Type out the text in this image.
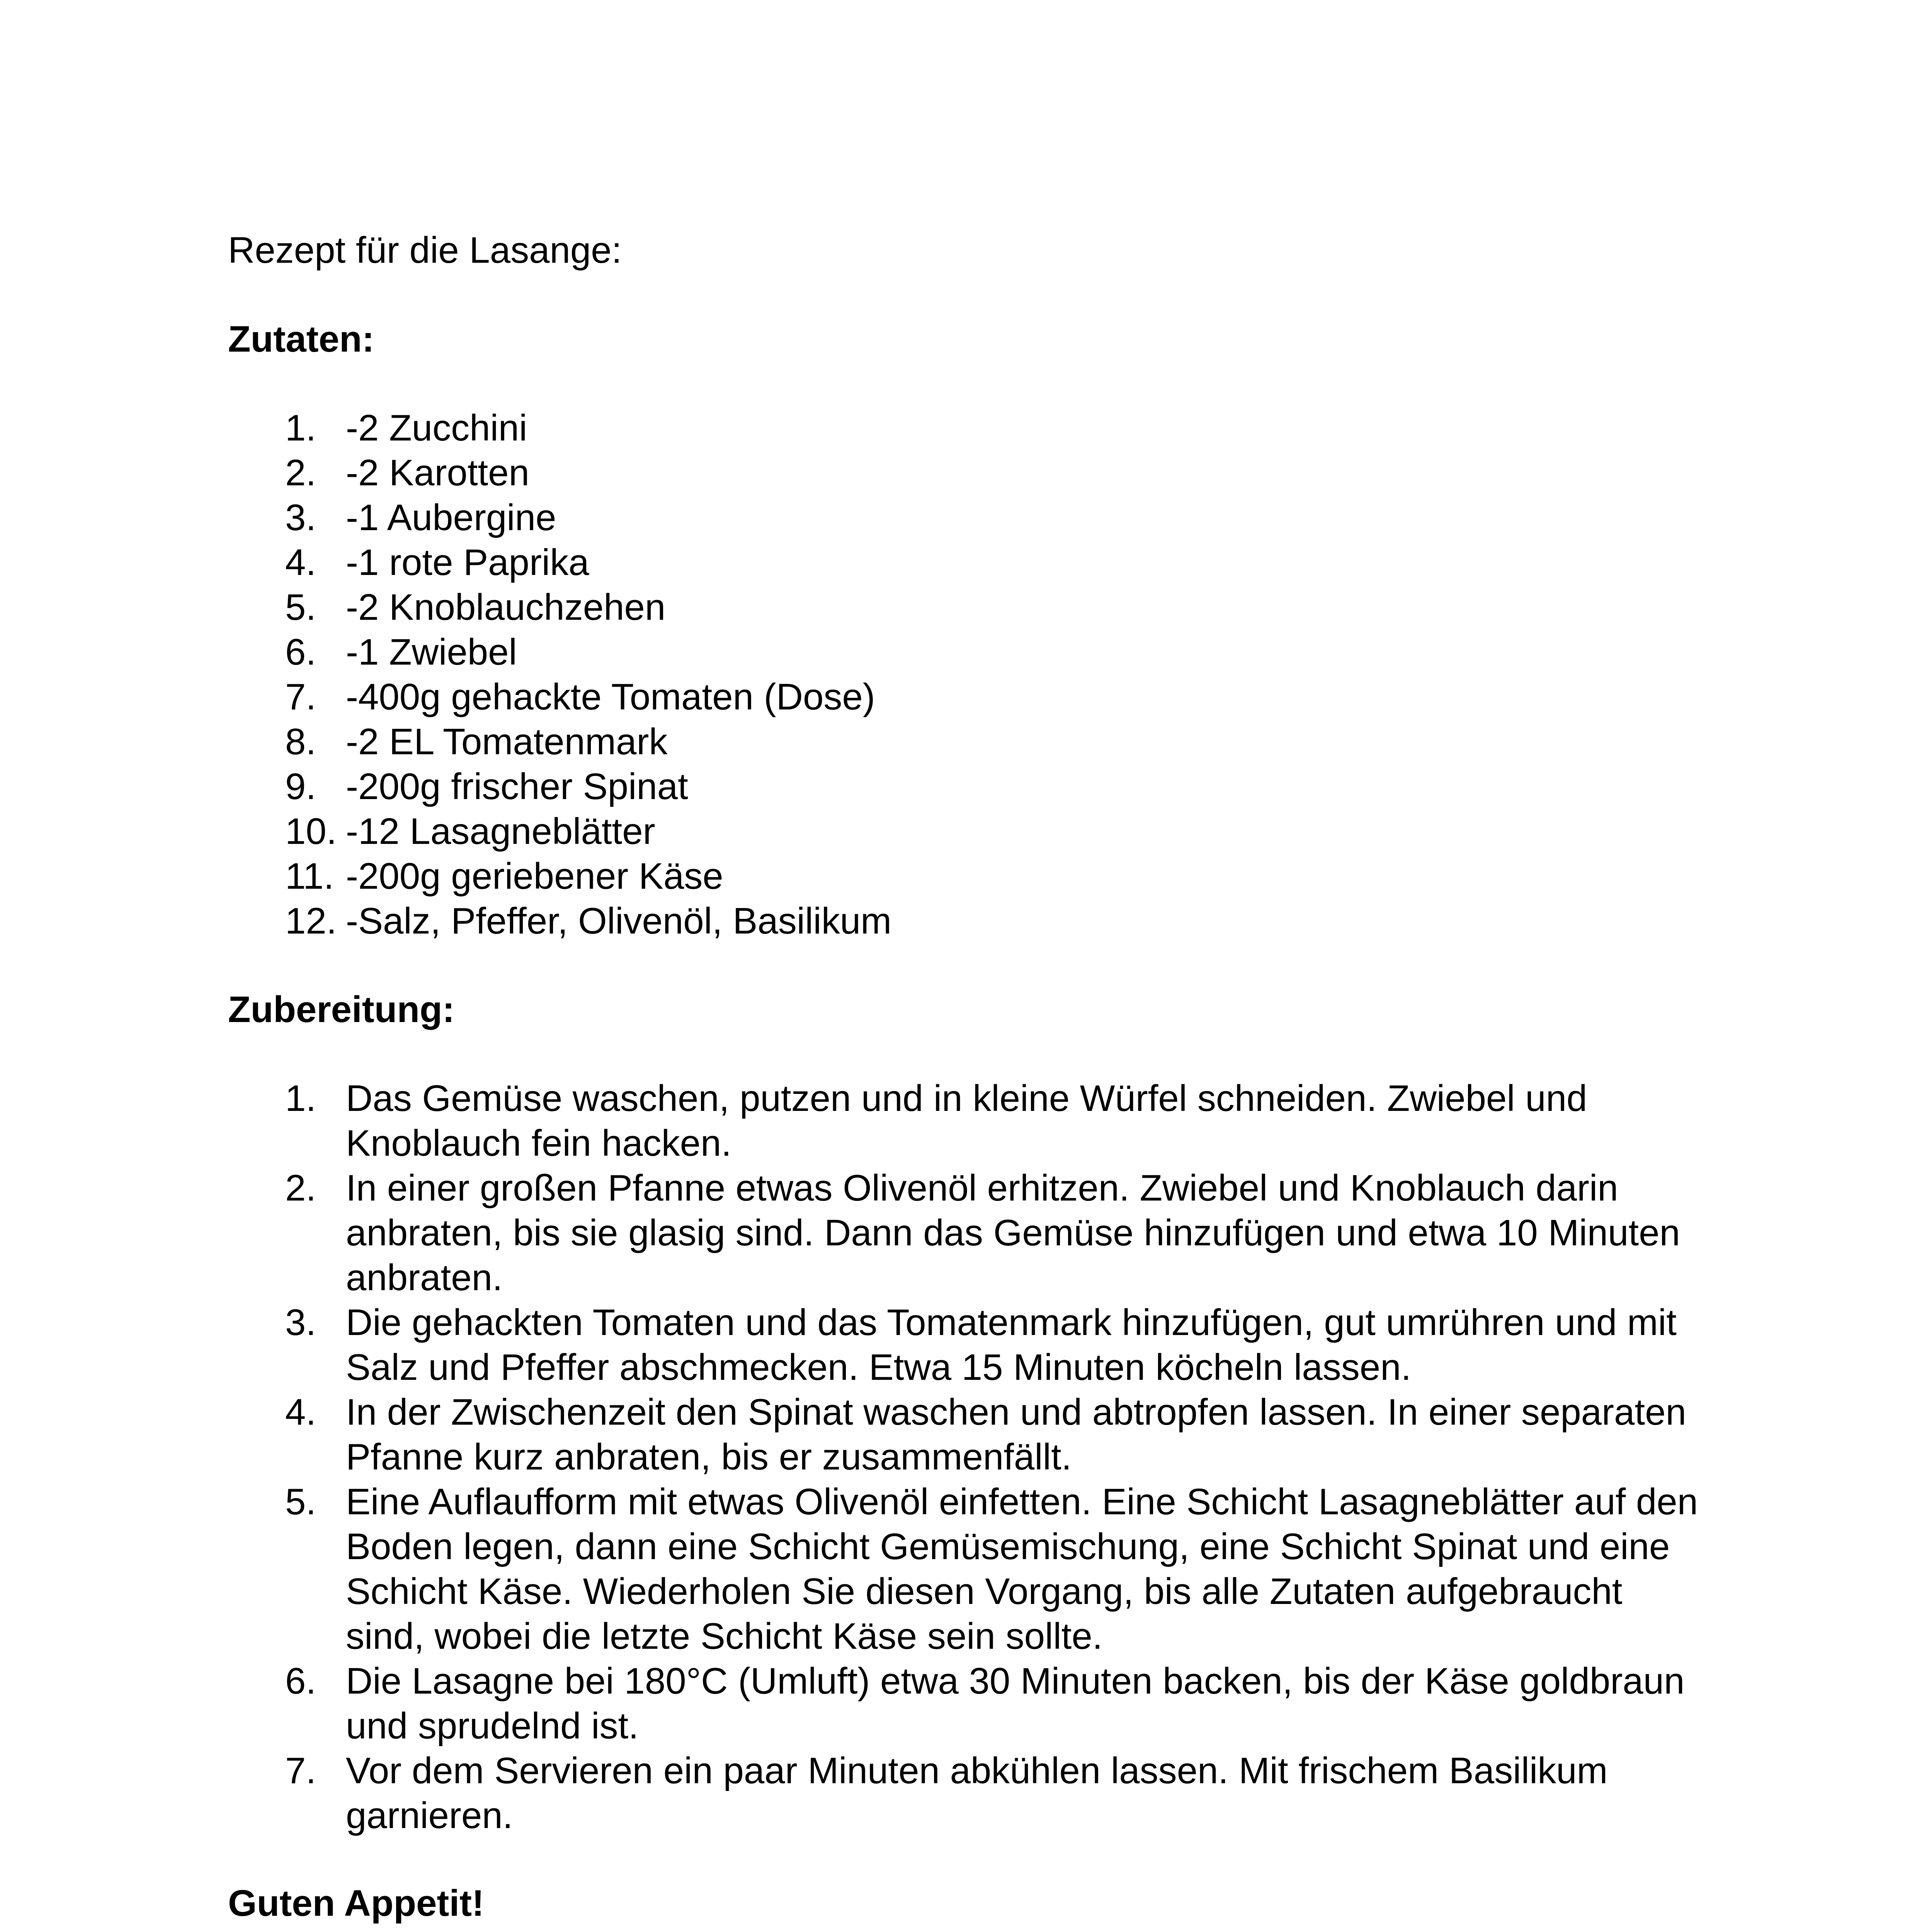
Rezept für die Lasange:
Zutaten:
1. -2 Zucchini
2. -2 Karotten
3. -1 Aubergine
4. -1 rote Paprika
5. -2 Knoblauchzehen
6. -1 Zwiebel
7. -400g gehackte Tomaten (Dose)
8. -2 EL Tomatenmark
9. -200g frischer Spinat
10. -12 Lasagneblätter
11. -200g geriebener Käse
12. -Salz, Pfeffer, Olivenöl, Basilikum
Zubereitung:
1. Das Gemüse waschen, putzen und in kleine Würfel schneiden. Zwiebel und Knoblauch fein hacken.
2. In einer großen Pfanne etwas Olivenöl erhitzen. Zwiebel und Knoblauch darin anbraten, bis sie glasig sind. Dann das Gemüse hinzufügen und etwa 10 Minuten anbraten.
3. Die gehackten Tomaten und das Tomatenmark hinzufügen, gut umrühren und mit Salz und Pfeffer abschmecken. Etwa 15 Minuten köcheln lassen.
4. In der Zwischenzeit den Spinat waschen und abtropfen lassen. In einer separaten Pfanne kurz anbraten, bis er zusammenfällt.
5. Eine Auflaufform mit etwas Olivenöl einfetten. Eine Schicht Lasagneblätter auf den Boden legen, dann eine Schicht Gemüsemischung, eine Schicht Spinat und eine Schicht Käse. Wiederholen Sie diesen Vorgang, bis alle Zutaten aufgebraucht sind, wobei die letzte Schicht Käse sein sollte.
6. Die Lasagne bei 180°C (Umluft) etwa 30 Minuten backen, bis der Käse goldbraun und sprudelnd ist.
7. Vor dem Servieren ein paar Minuten abkühlen lassen. Mit frischem Basilikum garnieren.
Guten Appetit!
